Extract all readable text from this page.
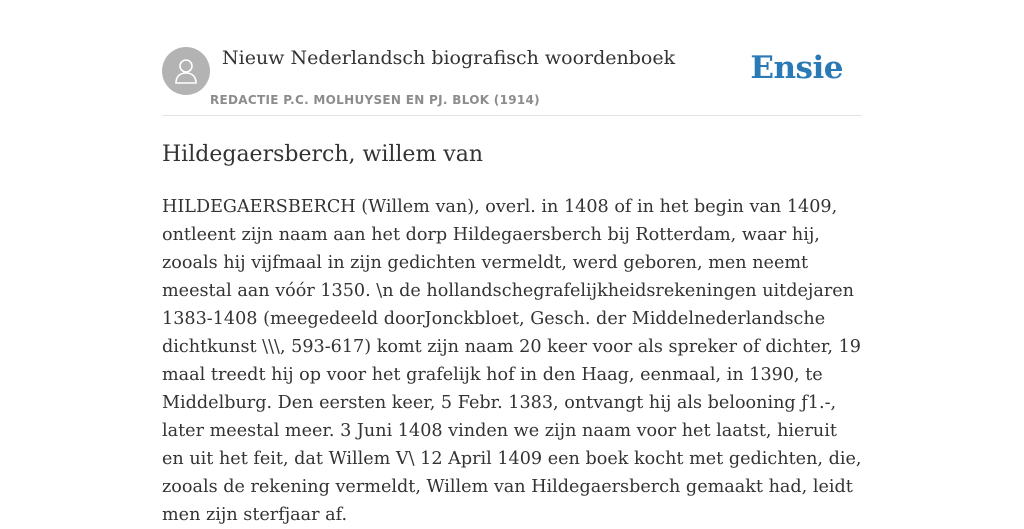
Nieuw Nederlandsch biografisch woordenboek
REDACTIE P.C. MOLHUYSEN EN PJ. BLOK (1914)
Ensie
Hildegaersberch, willem van

HILDEGAERSBERCH (Willem van), overl. in 1408 of in het begin van 1409, ontleent zijn naam aan het dorp Hildegaersberch bij Rotterdam, waar hij, zooals hij vijfmaal in zijn gedichten vermeldt, werd geboren, men neemt meestal aan vóór 1350. \n de hollandschegrafelijkheidsrekeningen uitdejaren 1383-1408 (meegedeeld doorJonckbloet, Gesch. der Middelnederlandsche dichtkunst \\\, 593-617) komt zijn naam 20 keer voor als spreker of dichter, 19 maal treedt hij op voor het grafelijk hof in den Haag, eenmaal, in 1390, te Middelburg. Den eersten keer, 5 Febr. 1383, ontvangt hij als belooning ƒ1.-, later meestal meer. 3 Juni 1408 vinden we zijn naam voor het laatst, hieruit en uit het feit, dat Willem V\ 12 April 1409 een boek kocht met gedichten, die, zooals de rekening vermeldt, Willem van Hildegaersberch gemaakt had, leidt men zijn sterfjaar af.
